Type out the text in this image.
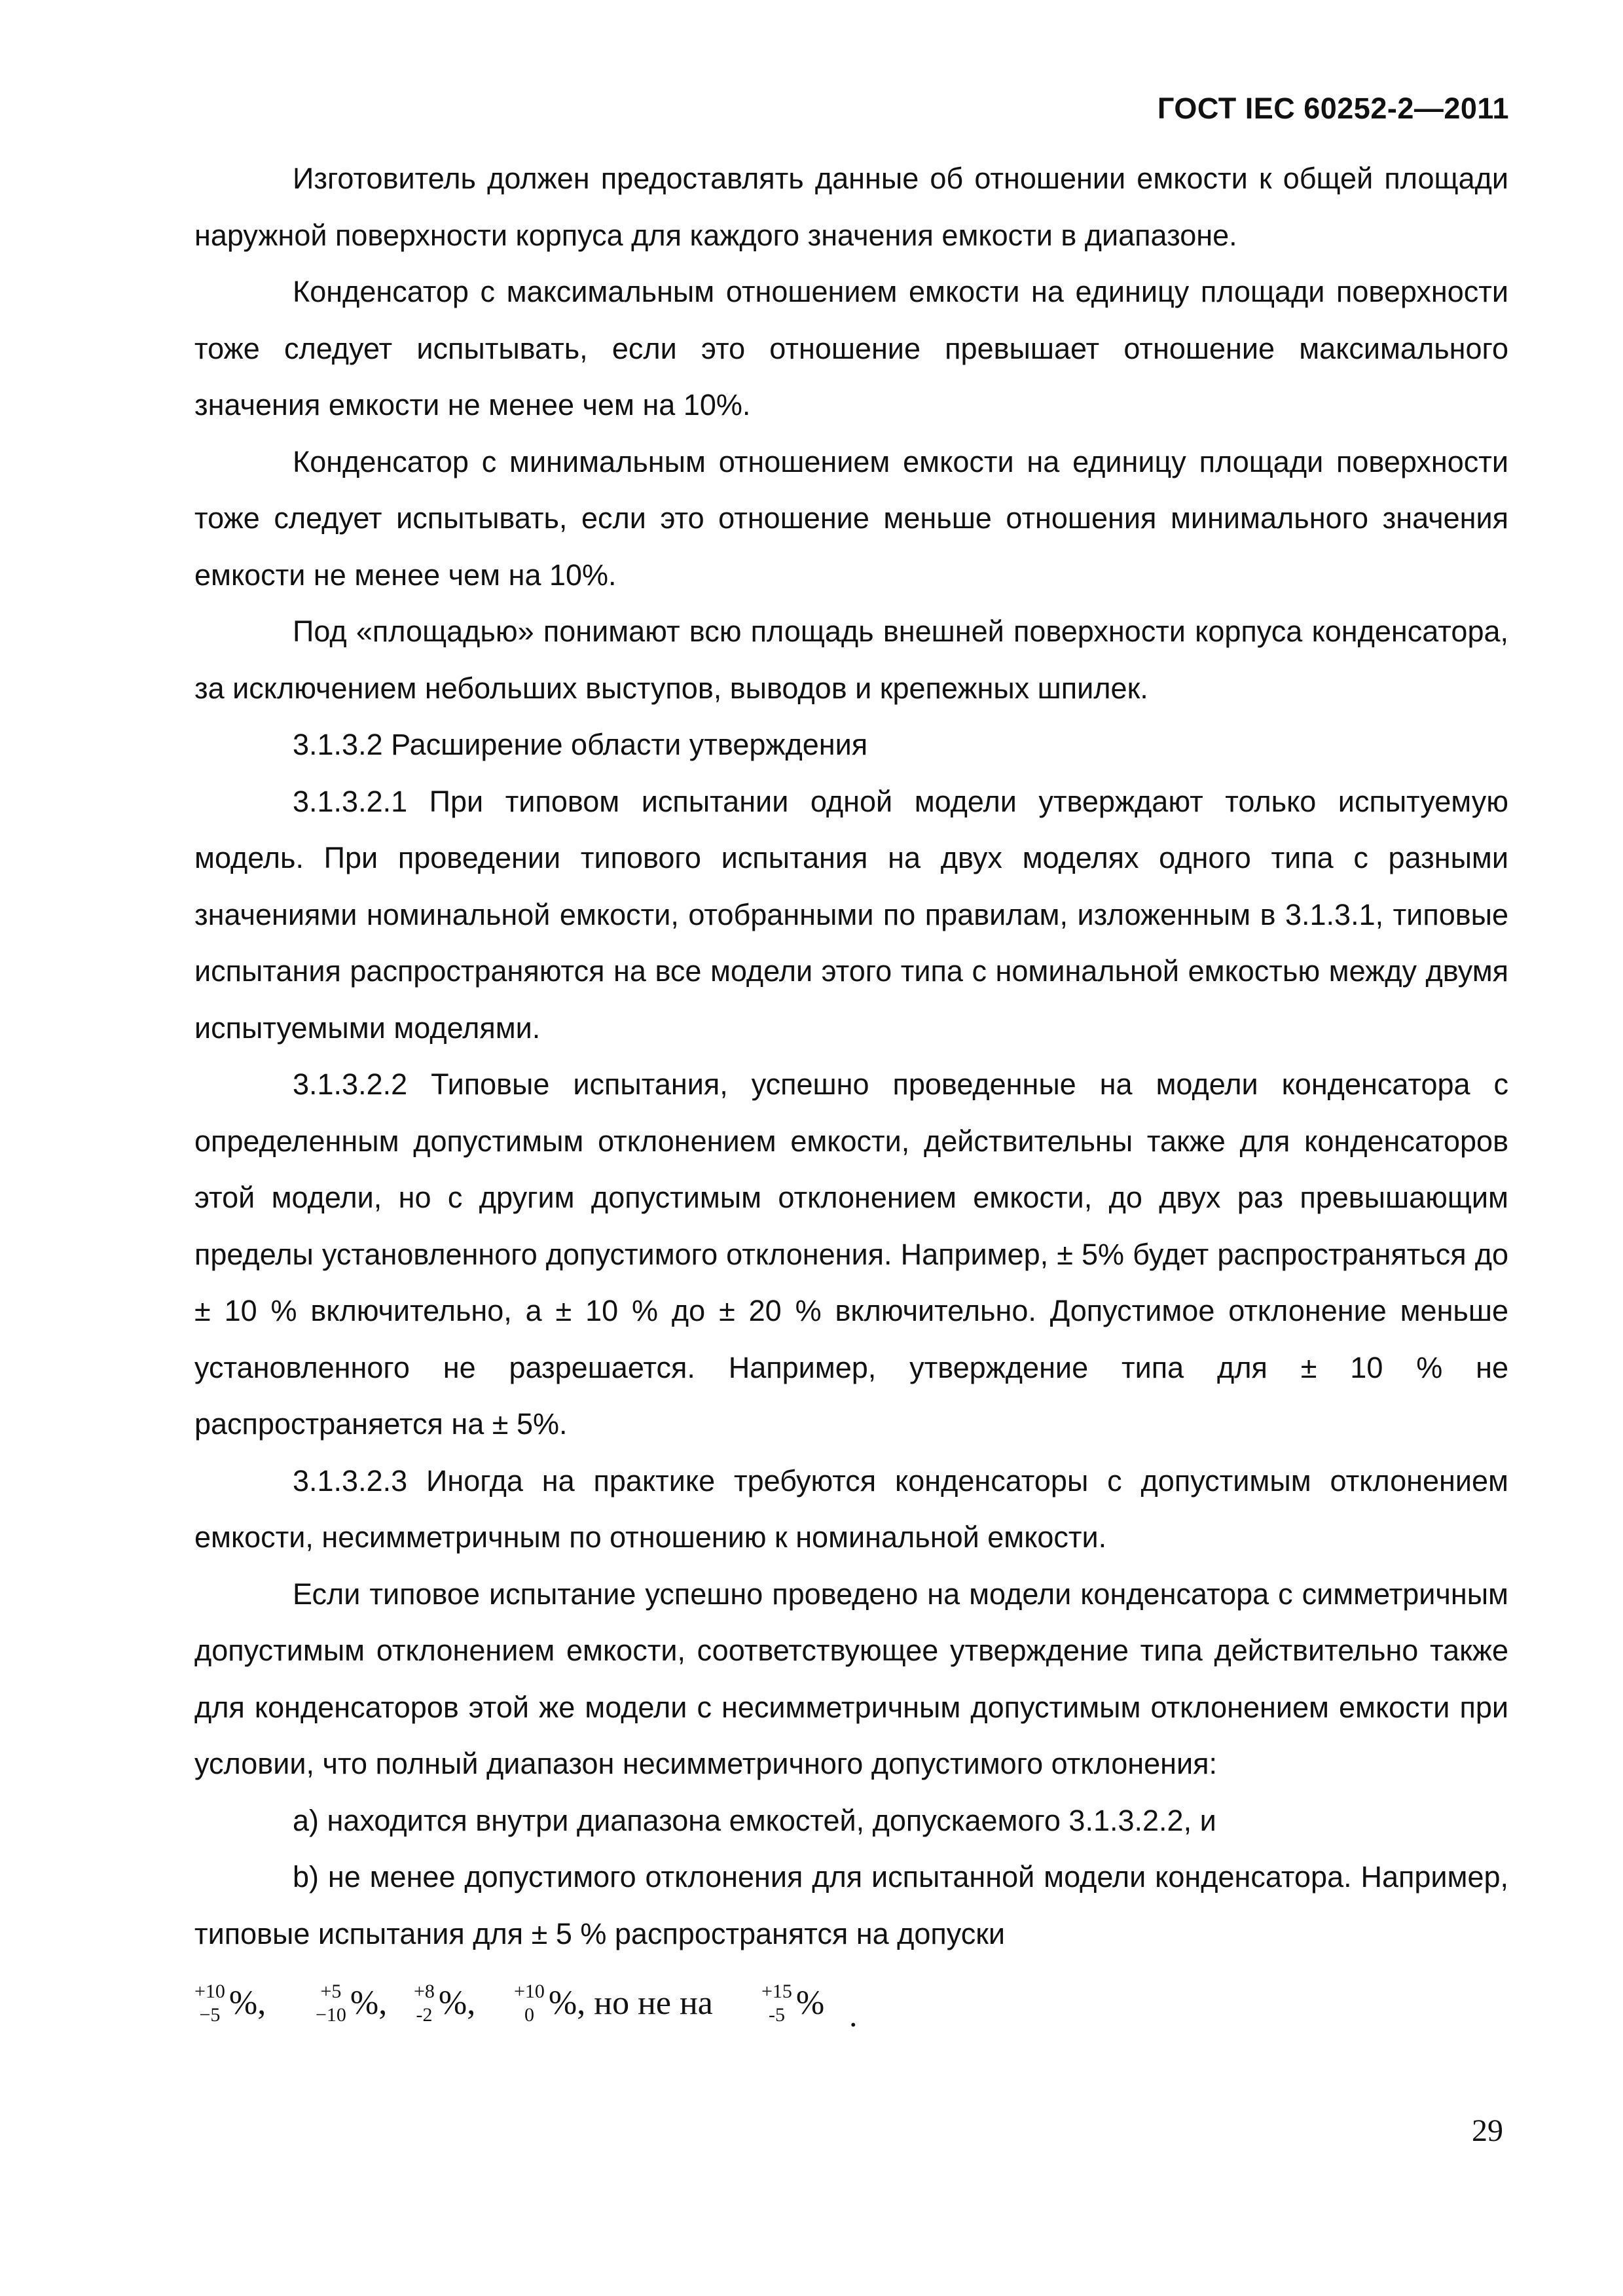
ГОСТ IEC 60252-2—2011

Изготовитель должен предоставлять данные об отношении емкости к общей площади наружной поверхности корпуса для каждого значения емкости в диапазоне.

Конденсатор с максимальным отношением емкости на единицу площади поверхности тоже следует испытывать, если это отношение превышает отношение максимального значения емкости не менее чем на 10%.

Конденсатор с минимальным отношением емкости на единицу площади поверхности тоже следует испытывать, если это отношение меньше отношения минимального значения емкости не менее чем на 10%.

Под «площадью» понимают всю площадь внешней поверхности корпуса конденсатора, за исключением небольших выступов, выводов и крепежных шпилек.

3.1.3.2 Расширение области утверждения

3.1.3.2.1 При типовом испытании одной модели утверждают только испытуемую модель. При проведении типового испытания на двух моделях одного типа с разными значениями номинальной емкости, отобранными по правилам, изложенным в 3.1.3.1, типовые испытания распространяются на все модели этого типа с номинальной емкостью между двумя испытуемыми моделями.

3.1.3.2.2 Типовые испытания, успешно проведенные на модели конденсатора с определенным допустимым отклонением емкости, действительны также для конденсаторов этой модели, но с другим допустимым отклонением емкости, до двух раз превышающим пределы установленного допустимого отклонения. Например, ± 5% будет распространяться до ± 10 % включительно, а ± 10 % до ± 20 % включительно. Допустимое отклонение меньше установленного не разрешается. Например, утверждение типа для ± 10 % не распространяется на ± 5%.

3.1.3.2.3 Иногда на практике требуются конденсаторы с допустимым отклонением емкости, несимметричным по отношению к номинальной емкости.

Если типовое испытание успешно проведено на модели конденсатора с симметричным допустимым отклонением емкости, соответствующее утверждение типа действительно также для конденсаторов этой же модели с несимметричным допустимым отклонением емкости при условии, что полный диапазон несимметричного допустимого отклонения:

а) находится внутри диапазона емкостей, допускаемого 3.1.3.2.2, и

b) не менее допустимого отклонения для испытанной модели конденсатора. Например, типовые испытания для ± 5 % распространятся на допуски

+10
−5 %,	+5
−10 %, +8
-2 %, +10
0 %, но не на +15
-5 % .
29
